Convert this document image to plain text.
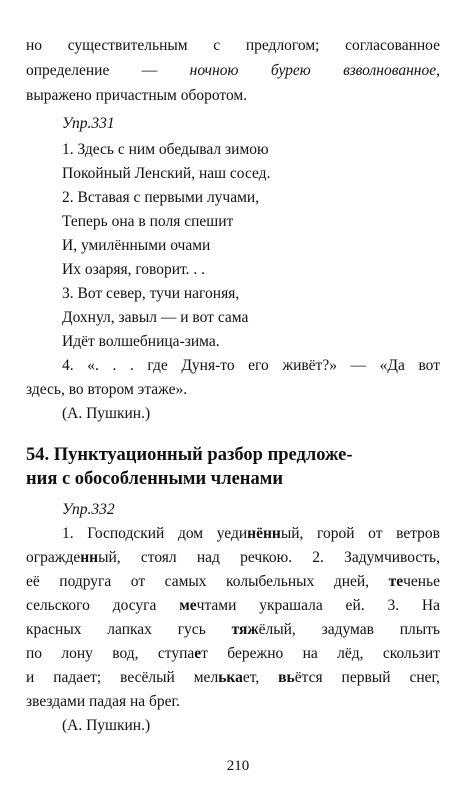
но существительным с предлогом; согласованное
определение — ночною бурею взволнованное,
выражено причастным оборотом.
Упр.331
1. Здесь с ним обедывал зимою
Покойный Ленский, наш сосед.
2. Вставая с первыми лучами,
Теперь она в поля спешит
И, умилёнными очами
Их озаряя, говорит. . .
3. Вот север, тучи нагоняя,
Дохнул, завыл — и вот сама
Идёт волшебница-зима.
4. «. . . где Дуня-то его живёт?» — «Да вот
здесь, во втором этаже».
(А. Пушкин.)
54. Пунктуационный разбор предложе-
ния с обособленными членами
Упр.332
1. Господский дом уединённый, горой от ветров
огражденный, стоял над речкою. 2. Задумчивость,
её подруга от самых колыбельных дней, теченье
сельского досуга мечтами украшала ей. 3. На
красных лапках гусь тяжёлый, задумав плыть
по лону вод, ступает бережно на лёд, скользит
и падает; весёлый мелькает, вьётся первый снег,
звездами падая на брег.
(А. Пушкин.)
210
